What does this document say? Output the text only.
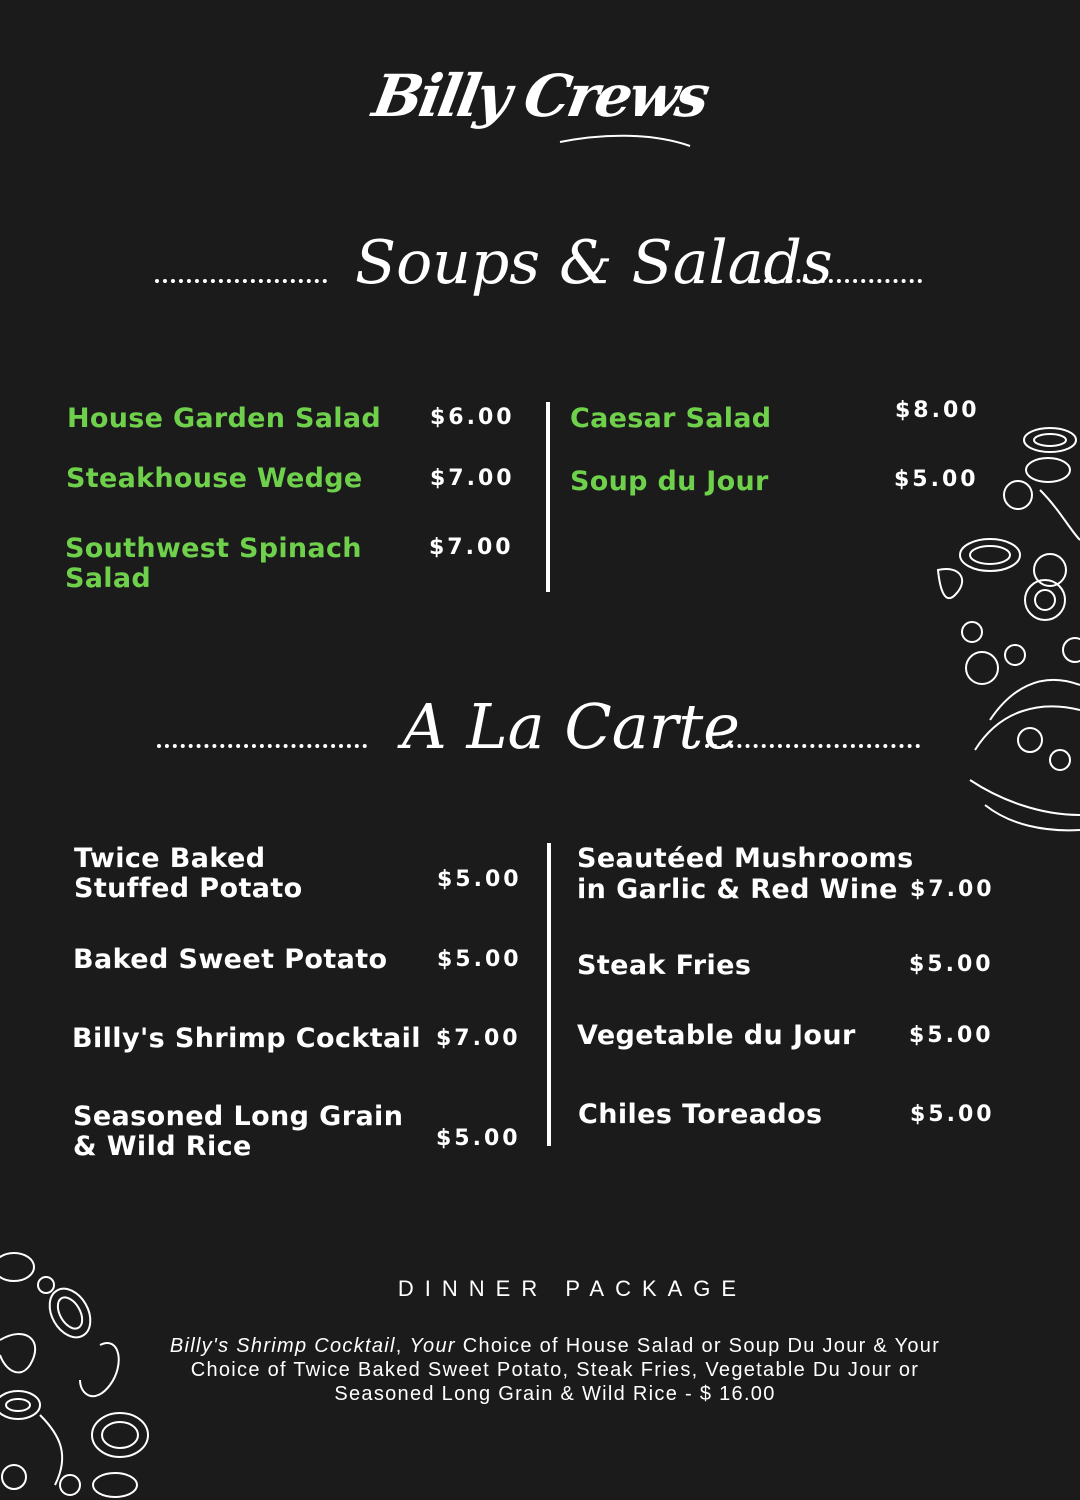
Billy Crews
Soups & Salads
House Garden Salad $6.00
Steakhouse Wedge	$7.00
Southwest Spinach
Salad
$7.00
Caesar Salad	$8.00
Soup du Jour	$5.00
A La Carte
Twice Baked
Stuffed Potato	$5.00
Baked Sweet Potato $5.00
Billy's Shrimp Cocktail $7.00
Seasoned Long Grain
& Wild Rice	$5.00
Seautéed Mushrooms
in Garlic & Red Wine $7.00
Steak Fries	$5.00
Vegetable du Jour $5.00
Chiles Toreados	$5.00
DINNER PACKAGE
Billy's Shrimp Cocktail, Your Choice of House Salad or Soup Du Jour & Your Choice of Twice Baked Sweet Potato, Steak Fries, Vegetable Du Jour or Seasoned Long Grain & Wild Rice - $ 16.00
